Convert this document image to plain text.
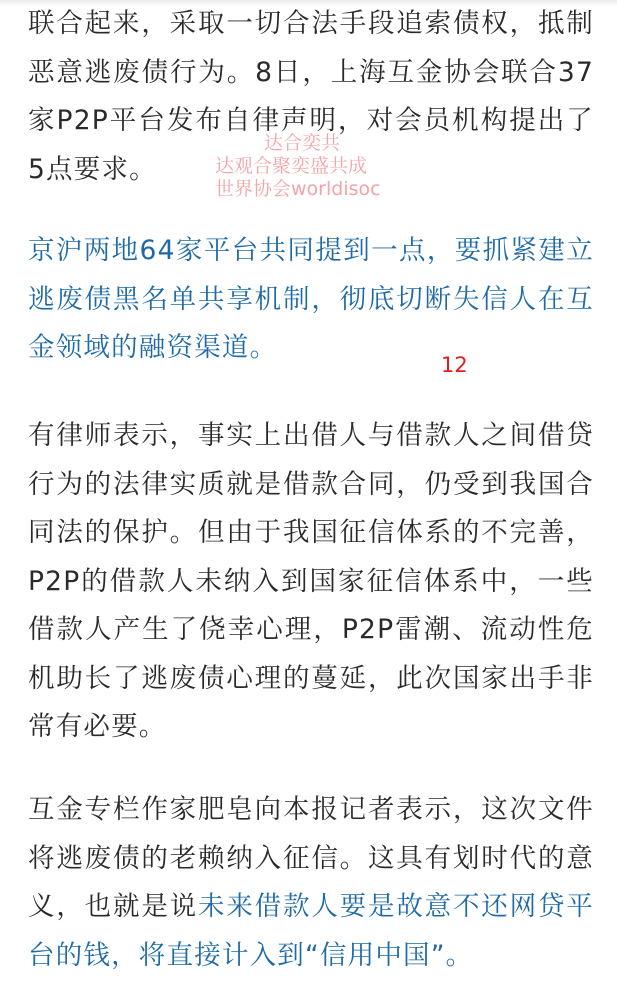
联合起来，采取一切合法手段追索债权，抵制恶意逃废债行为。8日，上海互金协会联合37家P2P平台发布自律声明，对会员机构提出了5点要求。

京沪两地64家平台共同提到一点，要抓紧建立逃废债黑名单共享机制，彻底切断失信人在互金领域的融资渠道。

有律师表示，事实上出借人与借款人之间借贷行为的法律实质就是借款合同，仍受到我国合同法的保护。但由于我国征信体系的不完善，P2P的借款人未纳入到国家征信体系中，一些借款人产生了侥幸心理，P2P雷潮、流动性危机助长了逃废债心理的蔓延，此次国家出手非常有必要。

互金专栏作家肥皂向本报记者表示，这次文件将逃废债的老赖纳入征信。这具有划时代的意义，也就是说未来借款人要是故意不还网贷平台的钱，将直接计入到“信用中国”。

达合奕共
达观合聚奕盛共成
世界协会worldisoc
12
